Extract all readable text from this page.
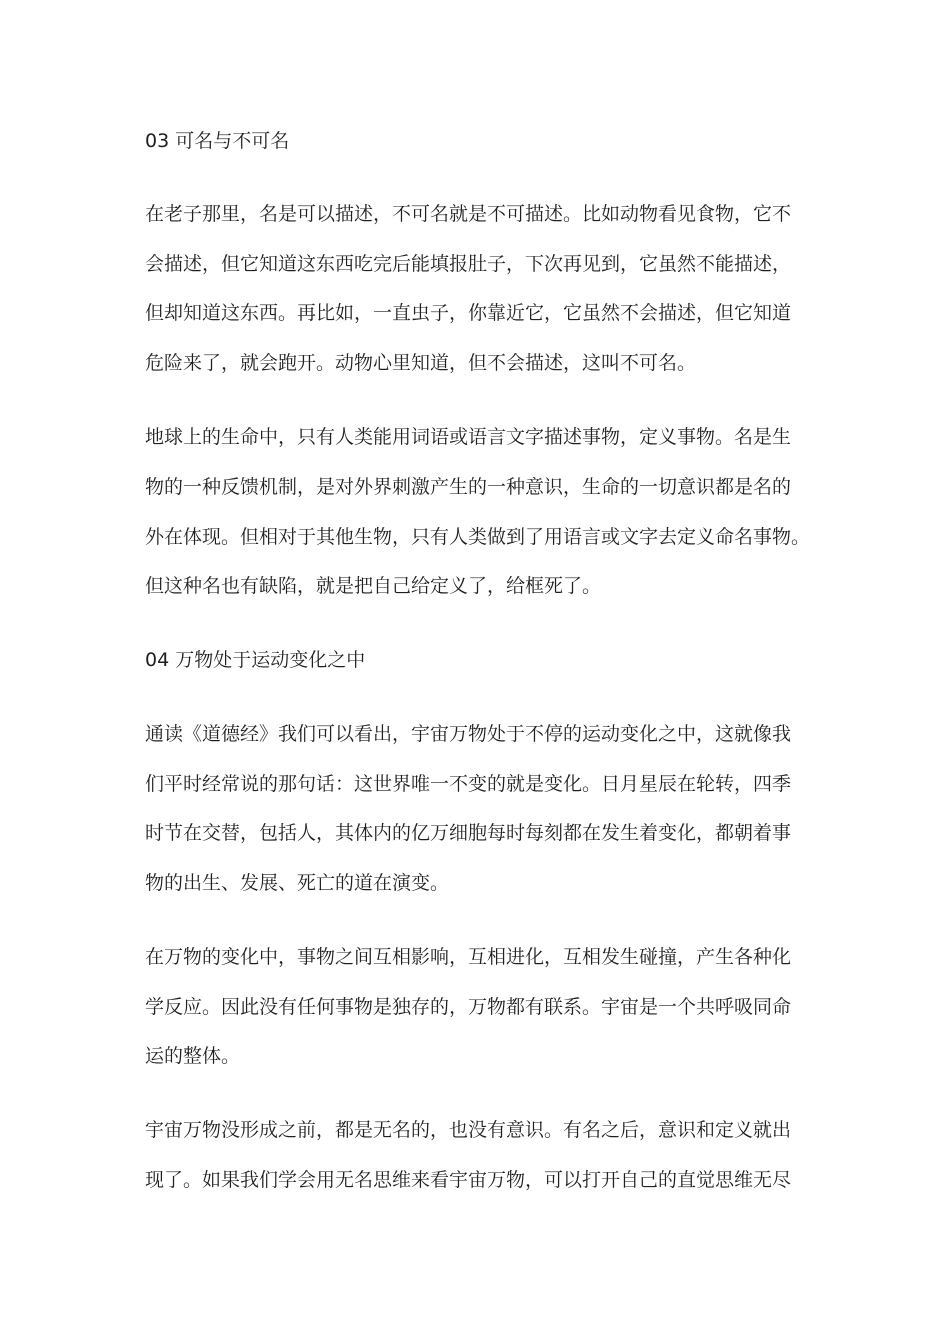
03 可名与不可名
在老子那里，名是可以描述，不可名就是不可描述。比如动物看见食物，它不
会描述，但它知道这东西吃完后能填报肚子，下次再见到，它虽然不能描述，
但却知道这东西。再比如，一直虫子，你靠近它，它虽然不会描述，但它知道
危险来了，就会跑开。动物心里知道，但不会描述，这叫不可名。
地球上的生命中，只有人类能用词语或语言文字描述事物，定义事物。名是生
物的一种反馈机制，是对外界刺激产生的一种意识，生命的一切意识都是名的
外在体现。但相对于其他生物，只有人类做到了用语言或文字去定义命名事物。
但这种名也有缺陷，就是把自己给定义了，给框死了。
04 万物处于运动变化之中
通读《道德经》我们可以看出，宇宙万物处于不停的运动变化之中，这就像我
们平时经常说的那句话：这世界唯一不变的就是变化。日月星辰在轮转，四季
时节在交替，包括人，其体内的亿万细胞每时每刻都在发生着变化，都朝着事
物的出生、发展、死亡的道在演变。
在万物的变化中，事物之间互相影响，互相进化，互相发生碰撞，产生各种化
学反应。因此没有任何事物是独存的，万物都有联系。宇宙是一个共呼吸同命
运的整体。
宇宙万物没形成之前，都是无名的，也没有意识。有名之后，意识和定义就出
现了。如果我们学会用无名思维来看宇宙万物，可以打开自己的直觉思维无尽
